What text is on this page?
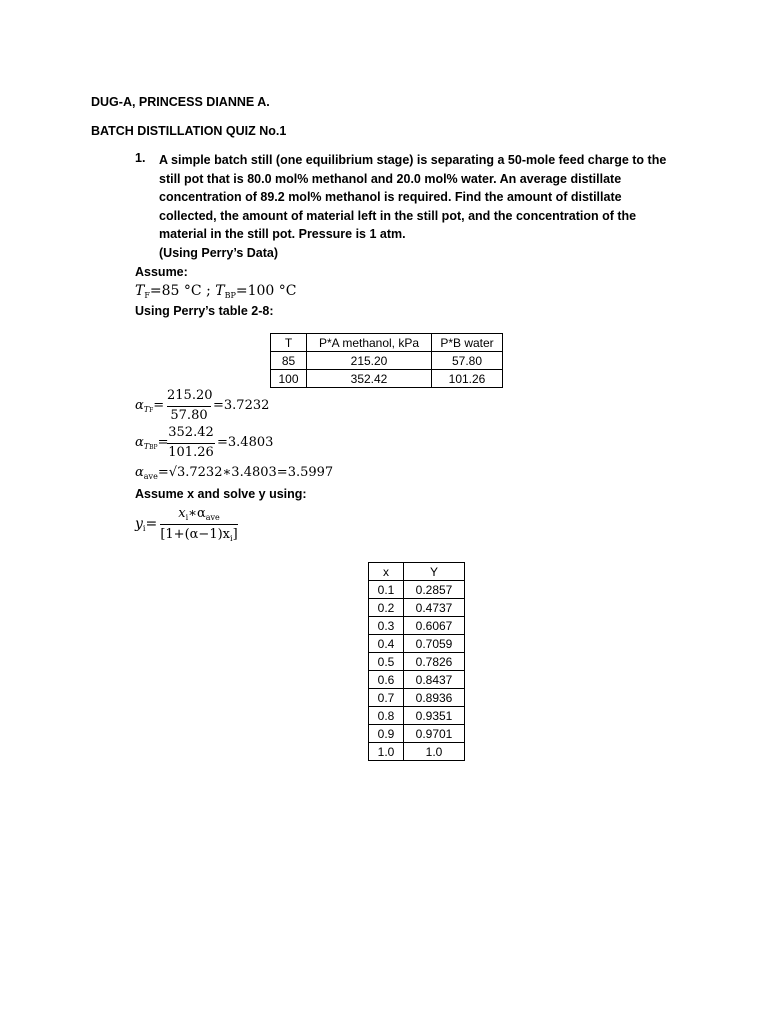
DUG-A, PRINCESS DIANNE A.
BATCH DISTILLATION QUIZ No.1
1. A simple batch still (one equilibrium stage) is separating a 50-mole feed charge to the still pot that is 80.0 mol% methanol and 20.0 mol% water. An average distillate concentration of 89.2 mol% methanol is required. Find the amount of distillate collected, the amount of material left in the still pot, and the concentration of the material in the still pot. Pressure is 1 atm.
(Using Perry’s Data)
Assume:
$T_F=85$ °C ; $T_{BP}=100$ °C
Using Perry’s table 2-8:
T	P*A methanol, kPa	P*B water
85	215.20	57.80
100	352.42	101.26
$\alpha_{TF}=$
215.20
57.80
=3.7232
$\alpha_{TBP}=$
352.42
101.26
=3.4803
$\alpha_{ave}=√3.7232∗3.4803=3.5997$
Assume x and solve y using:
$y_i=$
$x_i∗\alpha_{ave}$
$[1+(\alpha-1)x_i]$
x	Y
0.1	0.2857
0.2	0.4737
0.3	0.6067
0.4	0.7059
0.5	0.7826
0.6	0.8437
0.7	0.8936
0.8	0.9351
0.9	0.9701
1.0	1.0
